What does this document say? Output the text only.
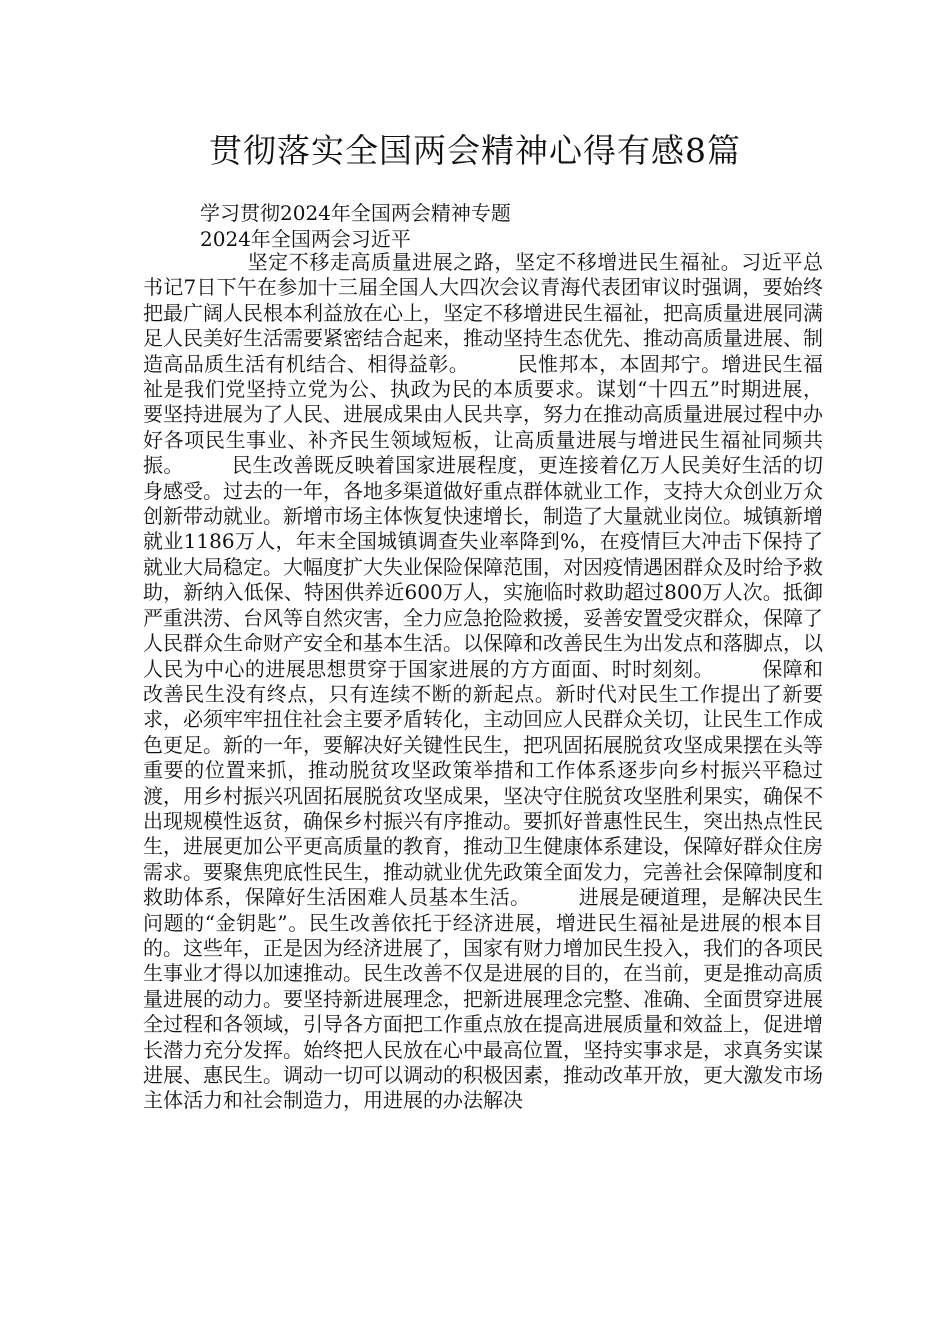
贯彻落实全国两会精神心得有感8篇

学习贯彻2024年全国两会精神专题

2024年全国两会习近平

坚定不移走高质量进展之路，坚定不移增进民生福祉。习近平总书记7日下午在参加十三届全国人大四次会议青海代表团审议时强调，要始终把最广阔人民根本利益放在心上，坚定不移增进民生福祉，把高质量进展同满足人民美好生活需要紧密结合起来，推动坚持生态优先、推动高质量进展、制造高品质生活有机结合、相得益彰。 民惟邦本，本固邦宁。增进民生福祉是我们党坚持立党为公、执政为民的本质要求。谋划“十四五”时期进展，要坚持进展为了人民、进展成果由人民共享，努力在推动高质量进展过程中办好各项民生事业、补齐民生领域短板，让高质量进展与增进民生福祉同频共振。 民生改善既反映着国家进展程度，更连接着亿万人民美好生活的切身感受。过去的一年，各地多渠道做好重点群体就业工作，支持大众创业万众创新带动就业。新增市场主体恢复快速增长，制造了大量就业岗位。城镇新增就业1186万人，年末全国城镇调查失业率降到%，在疫情巨大冲击下保持了就业大局稳定。大幅度扩大失业保险保障范围，对因疫情遇困群众及时给予救助，新纳入低保、特困供养近600万人，实施临时救助超过800万人次。抵御严重洪涝、台风等自然灾害，全力应急抢险救援，妥善安置受灾群众，保障了人民群众生命财产安全和基本生活。以保障和改善民生为出发点和落脚点，以人民为中心的进展思想贯穿于国家进展的方方面面、时时刻刻。 保障和改善民生没有终点，只有连续不断的新起点。新时代对民生工作提出了新要求，必须牢牢扭住社会主要矛盾转化，主动回应人民群众关切，让民生工作成色更足。新的一年，要解决好关键性民生，把巩固拓展脱贫攻坚成果摆在头等重要的位置来抓，推动脱贫攻坚政策举措和工作体系逐步向乡村振兴平稳过渡，用乡村振兴巩固拓展脱贫攻坚成果，坚决守住脱贫攻坚胜利果实，确保不出现规模性返贫，确保乡村振兴有序推动。要抓好普惠性民生，突出热点性民生，进展更加公平更高质量的教育，推动卫生健康体系建设，保障好群众住房需求。要聚焦兜底性民生，推动就业优先政策全面发力，完善社会保障制度和救助体系，保障好生活困难人员基本生活。 进展是硬道理，是解决民生问题的“金钥匙”。民生改善依托于经济进展，增进民生福祉是进展的根本目的。这些年，正是因为经济进展了，国家有财力增加民生投入，我们的各项民生事业才得以加速推动。民生改善不仅是进展的目的，在当前，更是推动高质量进展的动力。要坚持新进展理念，把新进展理念完整、准确、全面贯穿进展全过程和各领域，引导各方面把工作重点放在提高进展质量和效益上，促进增长潜力充分发挥。始终把人民放在心中最高位置，坚持实事求是，求真务实谋进展、惠民生。调动一切可以调动的积极因素，推动改革开放，更大激发市场主体活力和社会制造力，用进展的办法解决
